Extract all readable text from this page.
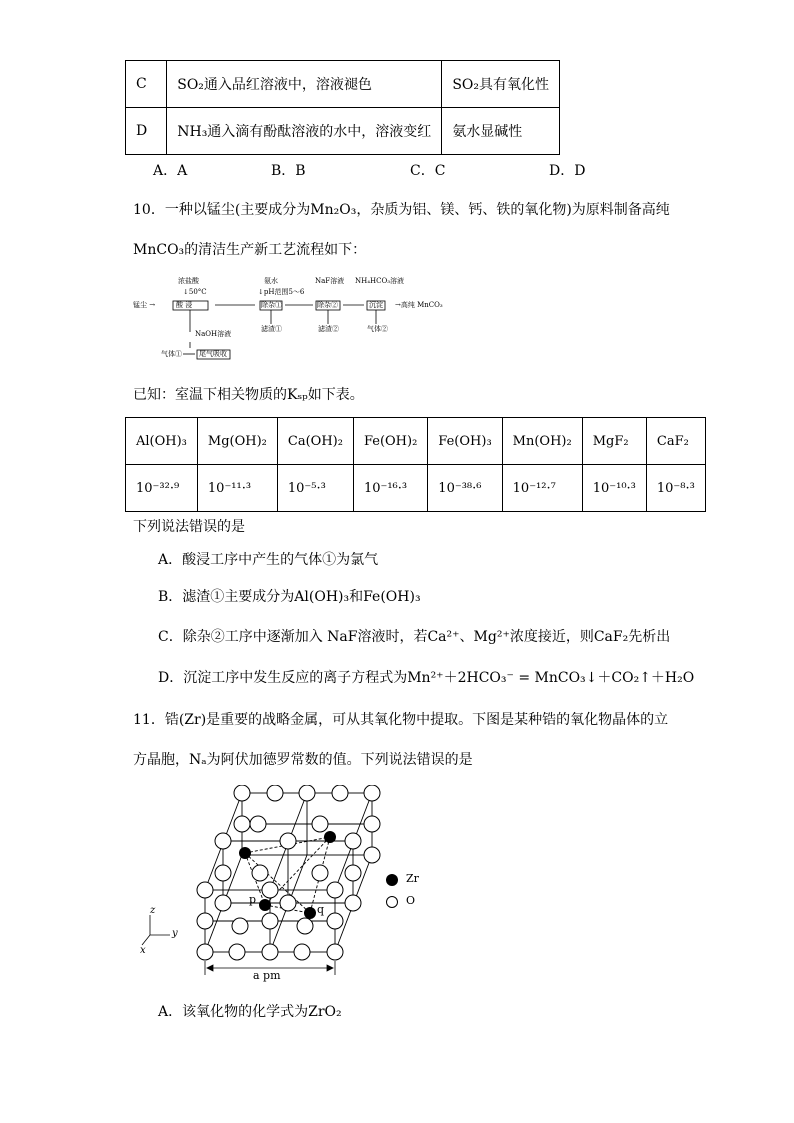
C	SO₂通入品红溶液中，溶液褪色	SO₂具有氧化性
D	NH₃通入滴有酚酞溶液的水中，溶液变红	氨水显碱性
A．A	B．B	C．C	D．D
10．一种以锰尘(主要成分为Mn₂O₃，杂质为铝、镁、钙、铁的氧化物)为原料制备高纯
MnCO₃的清洁生产新工艺流程如下：
锰尘 →
浓盐酸
↓50°C
酸 浸
NaOH溶液
气体① 尾气吸收
氨水
↓pH范围5～6
除杂①
滤渣①
NaF溶液
除杂②
滤渣②
NH₄HCO₃溶液
沉淀
气体②
→高纯 MnCO₃
已知：室温下相关物质的Kₛₚ如下表。
Al(OH)₃	Mg(OH)₂	Ca(OH)₂	Fe(OH)₂	Fe(OH)₃	Mn(OH)₂	MgF₂	CaF₂
10⁻³²·⁹	10⁻¹¹·³	10⁻⁵·³	10⁻¹⁶·³	10⁻³⁸·⁶	10⁻¹²·⁷	10⁻¹⁰·³	10⁻⁸·³
下列说法错误的是
A．酸浸工序中产生的气体①为氯气
B．滤渣①主要成分为Al(OH)₃和Fe(OH)₃
C．除杂②工序中逐渐加入 NaF溶液时，若Ca²⁺、Mg²⁺浓度接近，则CaF₂先析出
D．沉淀工序中发生反应的离子方程式为Mn²⁺＋2HCO₃⁻ = MnCO₃↓＋CO₂↑＋H₂O
11．锆(Zr)是重要的战略金属，可从其氧化物中提取。下图是某种锆的氧化物晶体的立
方晶胞，Nₐ为阿伏加德罗常数的值。下列说法错误的是
p
q
a pm
z
y
x
Zr
O
A．该氧化物的化学式为ZrO₂
